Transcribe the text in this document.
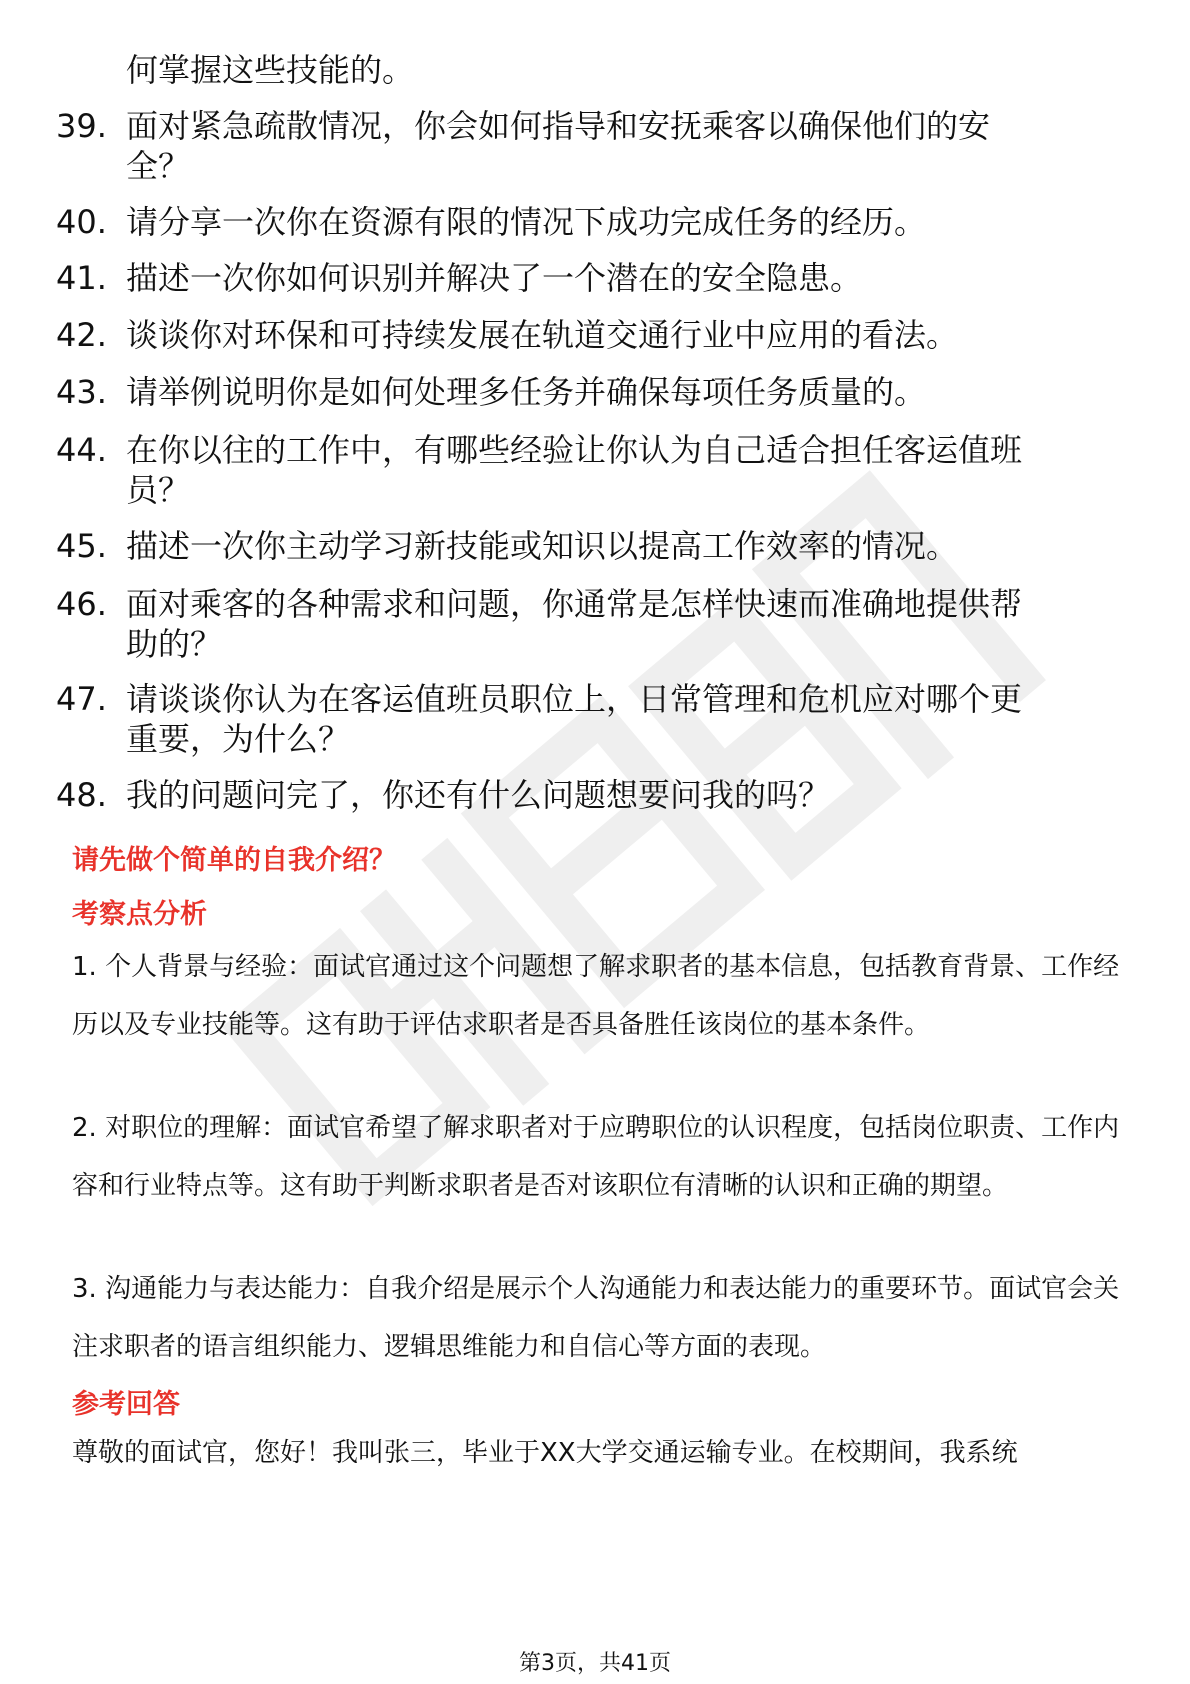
何掌握这些技能的。
39. 面对紧急疏散情况，你会如何指导和安抚乘客以确保他们的安全？
40. 请分享一次你在资源有限的情况下成功完成任务的经历。
41. 描述一次你如何识别并解决了一个潜在的安全隐患。
42. 谈谈你对环保和可持续发展在轨道交通行业中应用的看法。
43. 请举例说明你是如何处理多任务并确保每项任务质量的。
44. 在你以往的工作中，有哪些经验让你认为自己适合担任客运值班员？
45. 描述一次你主动学习新技能或知识以提高工作效率的情况。
46. 面对乘客的各种需求和问题，你通常是怎样快速而准确地提供帮助的？
47. 请谈谈你认为在客运值班员职位上，日常管理和危机应对哪个更重要，为什么？
48. 我的问题问完了，你还有什么问题想要问我的吗？
请先做个简单的自我介绍？
考察点分析
1. 个人背景与经验：面试官通过这个问题想了解求职者的基本信息，包括教育背景、工作经历以及专业技能等。这有助于评估求职者是否具备胜任该岗位的基本条件。
2. 对职位的理解：面试官希望了解求职者对于应聘职位的认识程度，包括岗位职责、工作内容和行业特点等。这有助于判断求职者是否对该职位有清晰的认识和正确的期望。
3. 沟通能力与表达能力：自我介绍是展示个人沟通能力和表达能力的重要环节。面试官会关注求职者的语言组织能力、逻辑思维能力和自信心等方面的表现。
参考回答
尊敬的面试官，您好！我叫张三，毕业于XX大学交通运输专业。在校期间，我系统
第3页，共41页
